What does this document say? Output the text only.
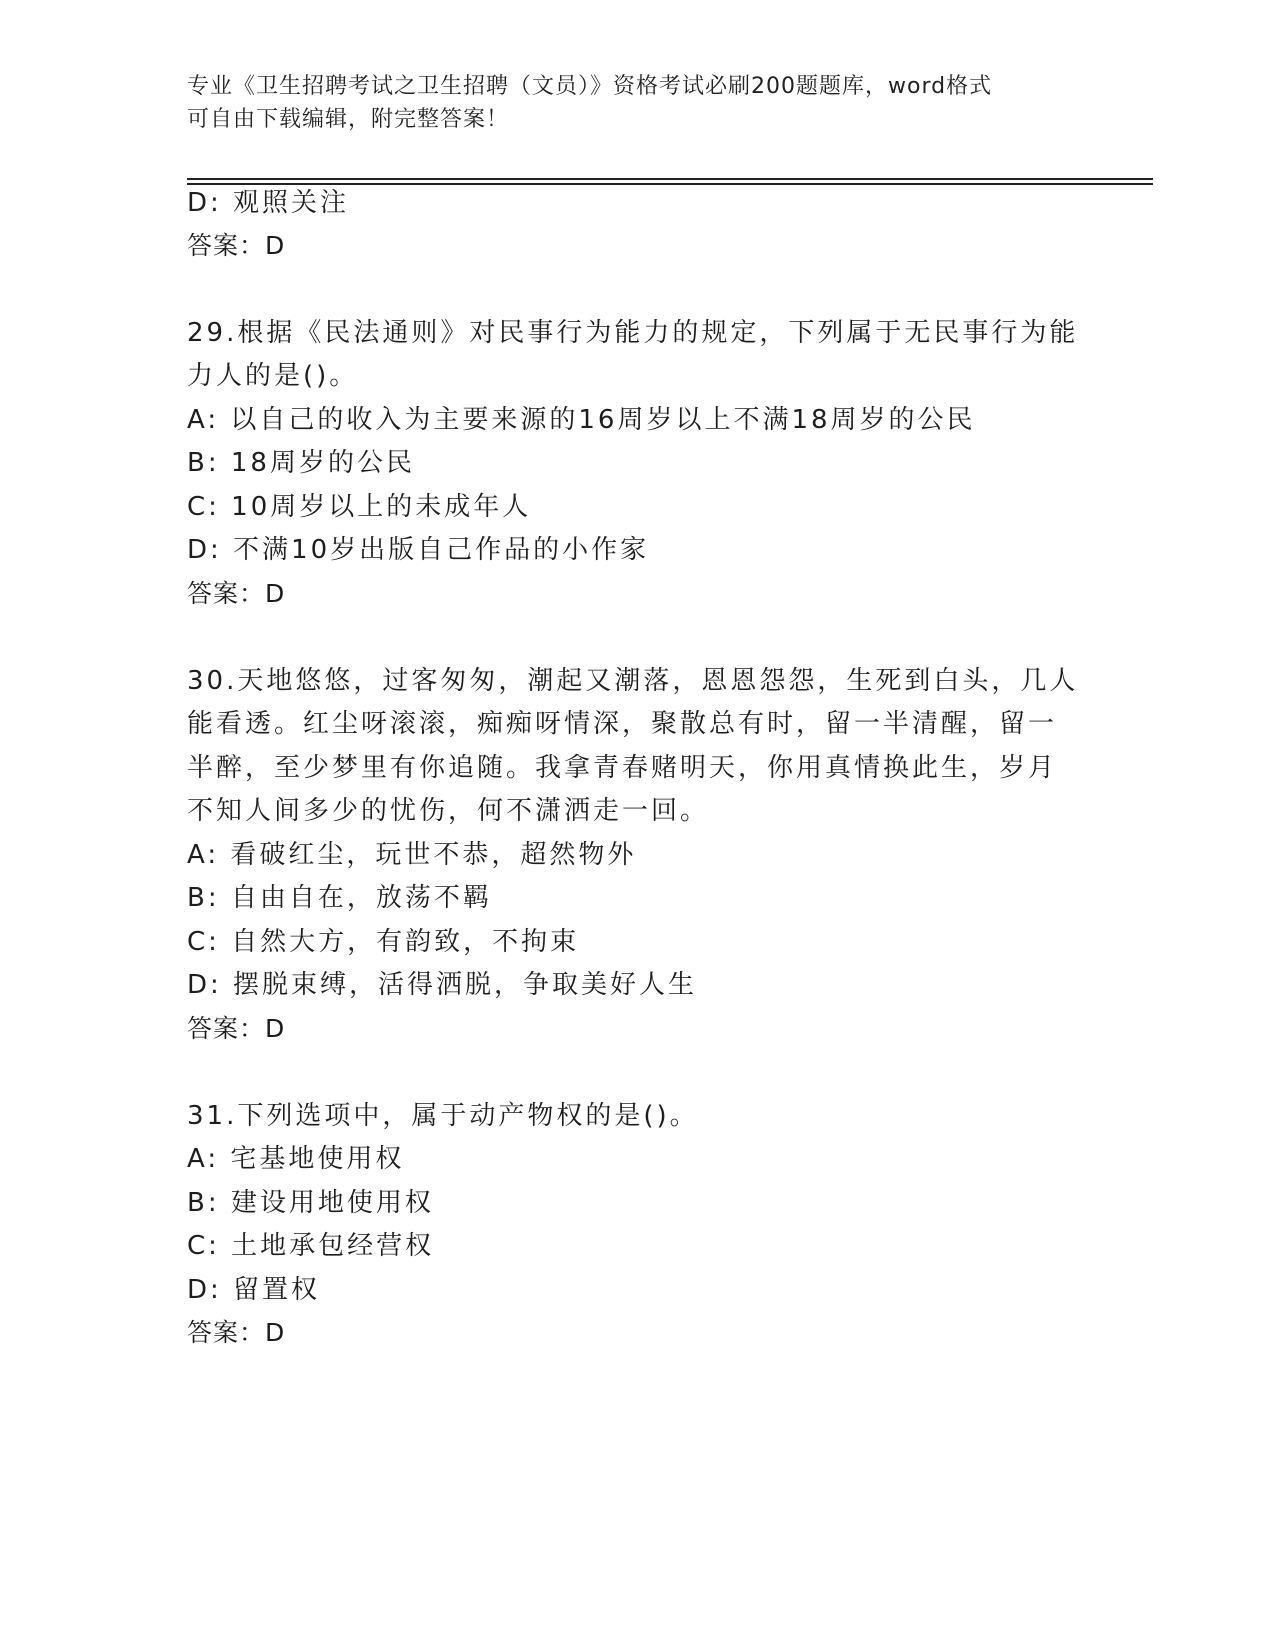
专业《卫生招聘考试之卫生招聘（文员）》资格考试必刷200题题库，word格式
可自由下载编辑，附完整答案！
D: 观照关注
答案：D
29.根据《民法通则》对民事行为能力的规定，下列属于无民事行为能
力人的是()。
A: 以自己的收入为主要来源的16周岁以上不满18周岁的公民
B: 18周岁的公民
C: 10周岁以上的未成年人
D: 不满10岁出版自己作品的小作家
答案：D
30.天地悠悠，过客匆匆，潮起又潮落，恩恩怨怨，生死到白头，几人
能看透。红尘呀滚滚，痴痴呀情深，聚散总有时，留一半清醒，留一
半醉，至少梦里有你追随。我拿青春赌明天，你用真情换此生，岁月
不知人间多少的忧伤，何不潇洒走一回。
A: 看破红尘，玩世不恭，超然物外
B: 自由自在，放荡不羁
C: 自然大方，有韵致，不拘束
D: 摆脱束缚，活得洒脱，争取美好人生
答案：D
31.下列选项中，属于动产物权的是()。
A: 宅基地使用权
B: 建设用地使用权
C: 土地承包经营权
D: 留置权
答案：D
